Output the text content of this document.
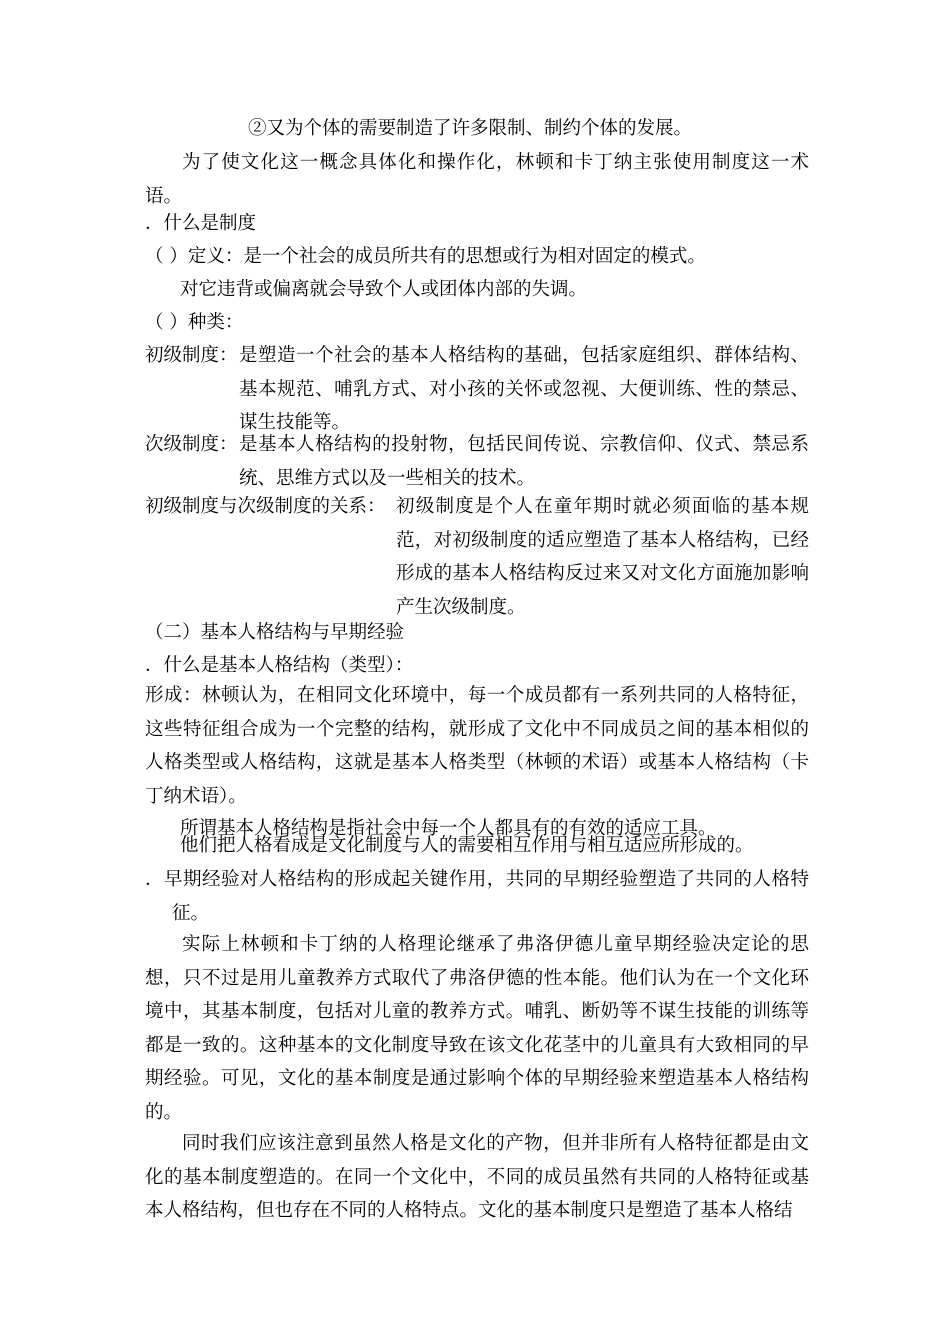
②又为个体的需要制造了许多限制、制约个体的发展。
为了使文化这一概念具体化和操作化，林顿和卡丁纳主张使用制度这一术语。
．什么是制度
（ ）定义：是一个社会的成员所共有的思想或行为相对固定的模式。
对它违背或偏离就会导致个人或团体内部的失调。
（ ）种类：
初级制度： 是塑造一个社会的基本人格结构的基础，包括家庭组织、群体结构、基本规范、哺乳方式、对小孩的关怀或忽视、大便训练、性的禁忌、谋生技能等。
次级制度： 是基本人格结构的投射物，包括民间传说、宗教信仰、仪式、禁忌系统、思维方式以及一些相关的技术。
初级制度与次级制度的关系： 初级制度是个人在童年期时就必须面临的基本规范，对初级制度的适应塑造了基本人格结构，已经形成的基本人格结构反过来又对文化方面施加影响产生次级制度。
（二）基本人格结构与早期经验
．什么是基本人格结构（类型）：
形成：林顿认为，在相同文化环境中，每一个成员都有一系列共同的人格特征，这些特征组合成为一个完整的结构，就形成了文化中不同成员之间的基本相似的人格类型或人格结构，这就是基本人格类型（林顿的术语）或基本人格结构（卡丁纳术语）。
所谓基本人格结构是指社会中每一个人都具有的有效的适应工具。
他们把人格看成是文化制度与人的需要相互作用与相互适应所形成的。
．早期经验对人格结构的形成起关键作用，共同的早期经验塑造了共同的人格特征。
实际上林顿和卡丁纳的人格理论继承了弗洛伊德儿童早期经验决定论的思想，只不过是用儿童教养方式取代了弗洛伊德的性本能。他们认为在一个文化环境中，其基本制度，包括对儿童的教养方式。哺乳、断奶等不谋生技能的训练等都是一致的。这种基本的文化制度导致在该文化花茎中的儿童具有大致相同的早期经验。可见，文化的基本制度是通过影响个体的早期经验来塑造基本人格结构的。
同时我们应该注意到虽然人格是文化的产物，但并非所有人格特征都是由文化的基本制度塑造的。在同一个文化中，不同的成员虽然有共同的人格特征或基本人格结构，但也存在不同的人格特点。文化的基本制度只是塑造了基本人格结
